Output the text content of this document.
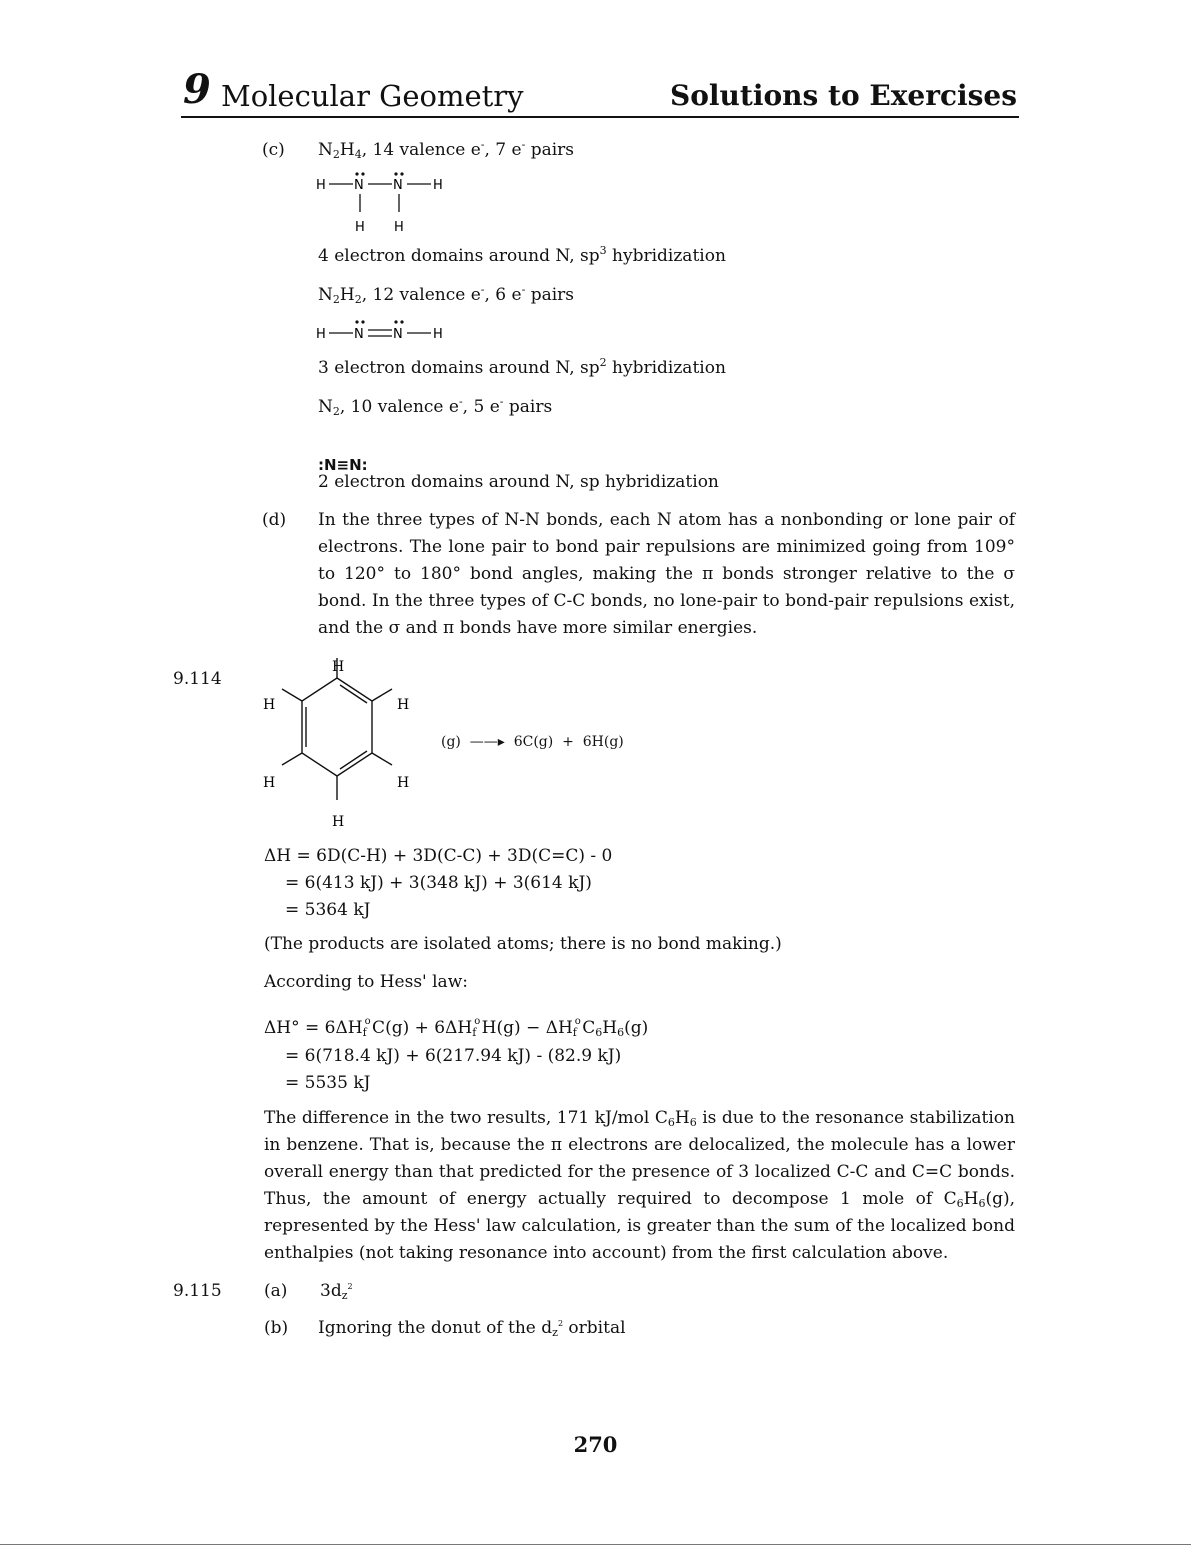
9 Molecular Geometry	Solutions to Exercises
(c) $N_2H_4$, 14 valence e-, 7 e- pairs
H N N H
H H
4 electron domains around N, $sp^3$ hybridization
$N_2H_2$, 12 valence e-, 6 e- pairs
H N N H
3 electron domains around N, $sp^2$ hybridization
$N_2$, 10 valence e-, 5 e- pairs
:N≡N:
2 electron domains around N, sp hybridization
(d) In the three types of N-N bonds, each N atom has a nonbonding or lone pair of electrons. The lone pair to bond pair repulsions are minimized going from 109° to 120° to 180° bond angles, making the π bonds stronger relative to the σ bond. In the three types of C-C bonds, no lone-pair to bond-pair repulsions exist, and the σ and π bonds have more similar energies.
9.114
H
H
H
H
H
H
(g)  ——▸  6C(g)  +  6H(g)
ΔH = 6D(C-H) + 3D(C-C) + 3D(C=C) - 0
= 6(413 kJ) + 3(348 kJ) + 3(614 kJ)
= 5364 kJ
(The products are isolated atoms; there is no bond making.)
According to Hess' law:
$\Delta H^\circ = 6\Delta H_f$ $C(g) + 6\Delta H_f$ $H(g) - \Delta H_f$ $C_6H_6(g)$
= 6(718.4 kJ) + 6(217.94 kJ) - (82.9 kJ)
= 5535 kJ
The difference in the two results, 171 kJ/mol $C_6H_6$ is due to the resonance stabilization in benzene. That is, because the π electrons are delocalized, the molecule has a lower overall energy than that predicted for the presence of 3 localized C-C and C=C bonds. Thus, the amount of energy actually required to decompose 1 mole of $C_6H_6(g)$, represented by the Hess' law calculation, is greater than the sum of the localized bond enthalpies (not taking resonance into account) from the first calculation above.
9.115 (a) $3d_z^2$
(b) Ignoring the donut of the $d_z^2$ orbital
270
